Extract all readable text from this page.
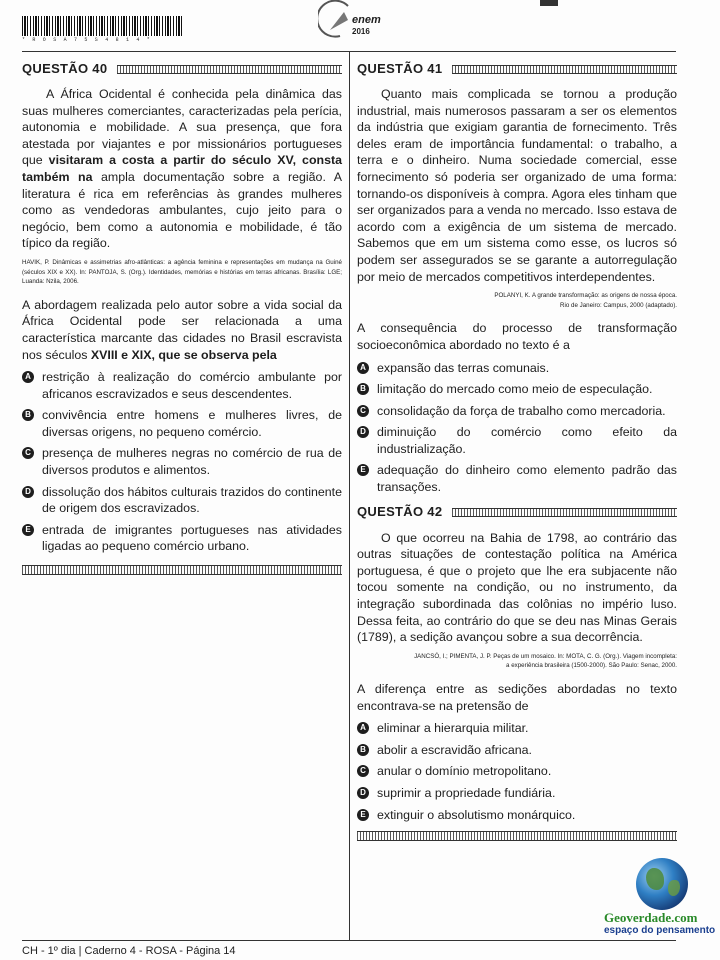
* R O S A 7 5 S 4 8 1 4 *
enem
2016
QUESTÃO 40

A África Ocidental é conhecida pela dinâmica das suas mulheres comerciantes, caracterizadas pela perícia, autonomia e mobilidade. A sua presença, que fora atestada por viajantes e por missionários portugueses que visitaram a costa a partir do século XV, consta também na ampla documentação sobre a região. A literatura é rica em referências às grandes mulheres como as vendedoras ambulantes, cujo jeito para o negócio, bem como a autonomia e mobilidade, é tão típico da região.

HAVIK, P. Dinâmicas e assimetrias afro-atlânticas: a agência feminina e representações em mudança na Guiné (séculos XIX e XX). In: PANTOJA, S. (Org.). Identidades, memórias e histórias em terras africanas. Brasília: LGE; Luanda: Nzila, 2006.

A abordagem realizada pelo autor sobre a vida social da África Ocidental pode ser relacionada a uma característica marcante das cidades no Brasil escravista nos séculos XVIII e XIX, que se observa pela

A restrição à realização do comércio ambulante por africanos escravizados e seus descendentes.
B convivência entre homens e mulheres livres, de diversas origens, no pequeno comércio.
C presença de mulheres negras no comércio de rua de diversos produtos e alimentos.
D dissolução dos hábitos culturais trazidos do continente de origem dos escravizados.
E entrada de imigrantes portugueses nas atividades ligadas ao pequeno comércio urbano.
QUESTÃO 41

Quanto mais complicada se tornou a produção industrial, mais numerosos passaram a ser os elementos da indústria que exigiam garantia de fornecimento. Três deles eram de importância fundamental: o trabalho, a terra e o dinheiro. Numa sociedade comercial, esse fornecimento só poderia ser organizado de uma forma: tornando-os disponíveis à compra. Agora eles tinham que ser organizados para a venda no mercado. Isso estava de acordo com a exigência de um sistema de mercado. Sabemos que em um sistema como esse, os lucros só podem ser assegurados se se garante a autorregulação por meio de mercados competitivos interdependentes.

POLANYI, K. A grande transformação: as origens de nossa época.
Rio de Janeiro: Campus, 2000 (adaptado).

A consequência do processo de transformação socioeconômica abordado no texto é a

A expansão das terras comunais.
B limitação do mercado como meio de especulação.
C consolidação da força de trabalho como mercadoria.
D diminuição do comércio como efeito da industrialização.
E adequação do dinheiro como elemento padrão das transações.
QUESTÃO 42

O que ocorreu na Bahia de 1798, ao contrário das outras situações de contestação política na América portuguesa, é que o projeto que lhe era subjacente não tocou somente na condição, ou no instrumento, da integração subordinada das colônias no império luso. Dessa feita, ao contrário do que se deu nas Minas Gerais (1789), a sedição avançou sobre a sua decorrência.

JANCSÓ, I.; PIMENTA, J. P. Peças de um mosaico. In: MOTA, C. G. (Org.). Viagem incompleta:
a experiência brasileira (1500-2000). São Paulo: Senac, 2000.

A diferença entre as sedições abordadas no texto encontrava-se na pretensão de

A eliminar a hierarquia militar.
B abolir a escravidão africana.
C anular o domínio metropolitano.
D suprimir a propriedade fundiária.
E extinguir o absolutismo monárquico.
Geoverdade.com
espaço do pensamento
CH - 1º dia | Caderno 4 - ROSA - Página 14
